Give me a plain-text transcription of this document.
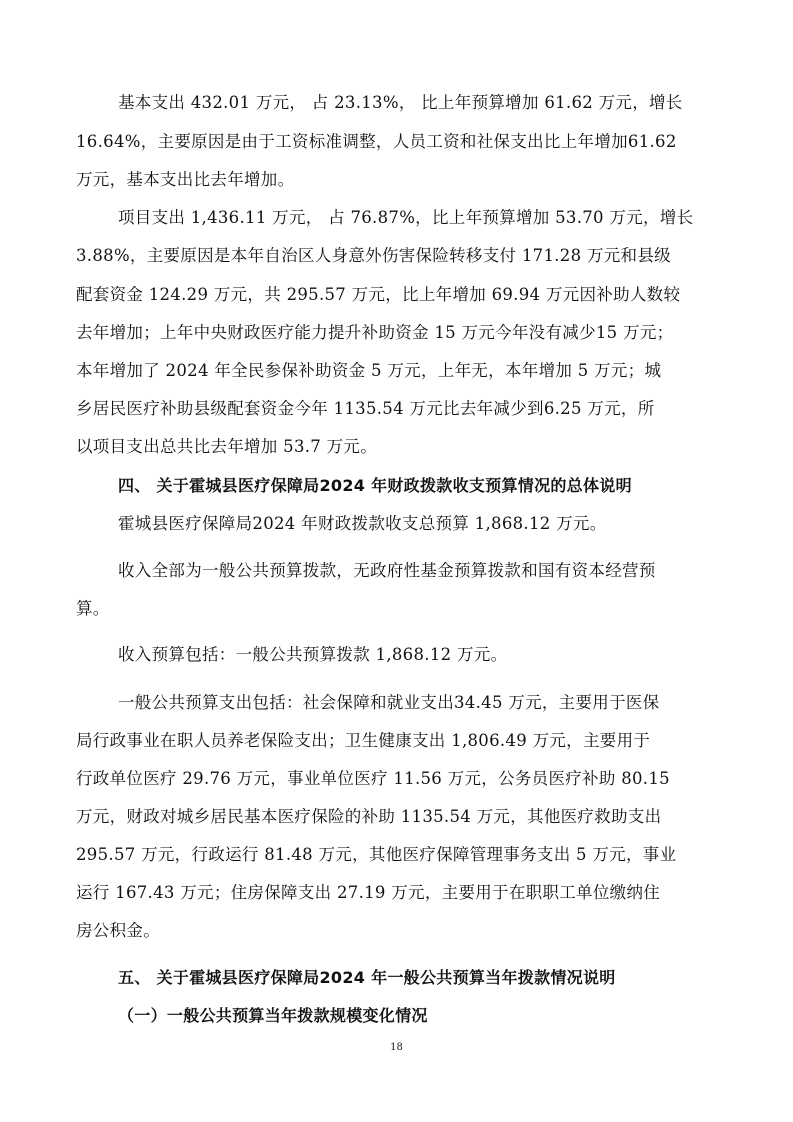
基本支出 432.01 万元， 占 23.13%， 比上年预算增加 61.62 万元，增长
16.64%，主要原因是由于工资标准调整，人员工资和社保支出比上年增加61.62
万元，基本支出比去年增加。
项目支出 1,436.11 万元， 占 76.87%，比上年预算增加 53.70 万元，增长
3.88%，主要原因是本年自治区人身意外伤害保险转移支付 171.28 万元和县级
配套资金 124.29 万元，共 295.57 万元，比上年增加 69.94 万元因补助人数较
去年增加；上年中央财政医疗能力提升补助资金 15 万元今年没有减少15 万元；
本年增加了 2024 年全民参保补助资金 5 万元，上年无，本年增加 5 万元；城
乡居民医疗补助县级配套资金今年 1135.54 万元比去年减少到6.25 万元，所
以项目支出总共比去年增加 53.7 万元。
四、 关于霍城县医疗保障局2024 年财政拨款收支预算情况的总体说明
霍城县医疗保障局2024 年财政拨款收支总预算 1,868.12 万元。
收入全部为一般公共预算拨款，无政府性基金预算拨款和国有资本经营预
算。
收入预算包括：一般公共预算拨款 1,868.12 万元。
一般公共预算支出包括：社会保障和就业支出34.45 万元，主要用于医保
局行政事业在职人员养老保险支出；卫生健康支出 1,806.49 万元，主要用于
行政单位医疗 29.76 万元，事业单位医疗 11.56 万元，公务员医疗补助 80.15
万元，财政对城乡居民基本医疗保险的补助 1135.54 万元，其他医疗救助支出
295.57 万元，行政运行 81.48 万元，其他医疗保障管理事务支出 5 万元，事业
运行 167.43 万元；住房保障支出 27.19 万元，主要用于在职职工单位缴纳住
房公积金。
五、 关于霍城县医疗保障局2024 年一般公共预算当年拨款情况说明
（一）一般公共预算当年拨款规模变化情况
18
